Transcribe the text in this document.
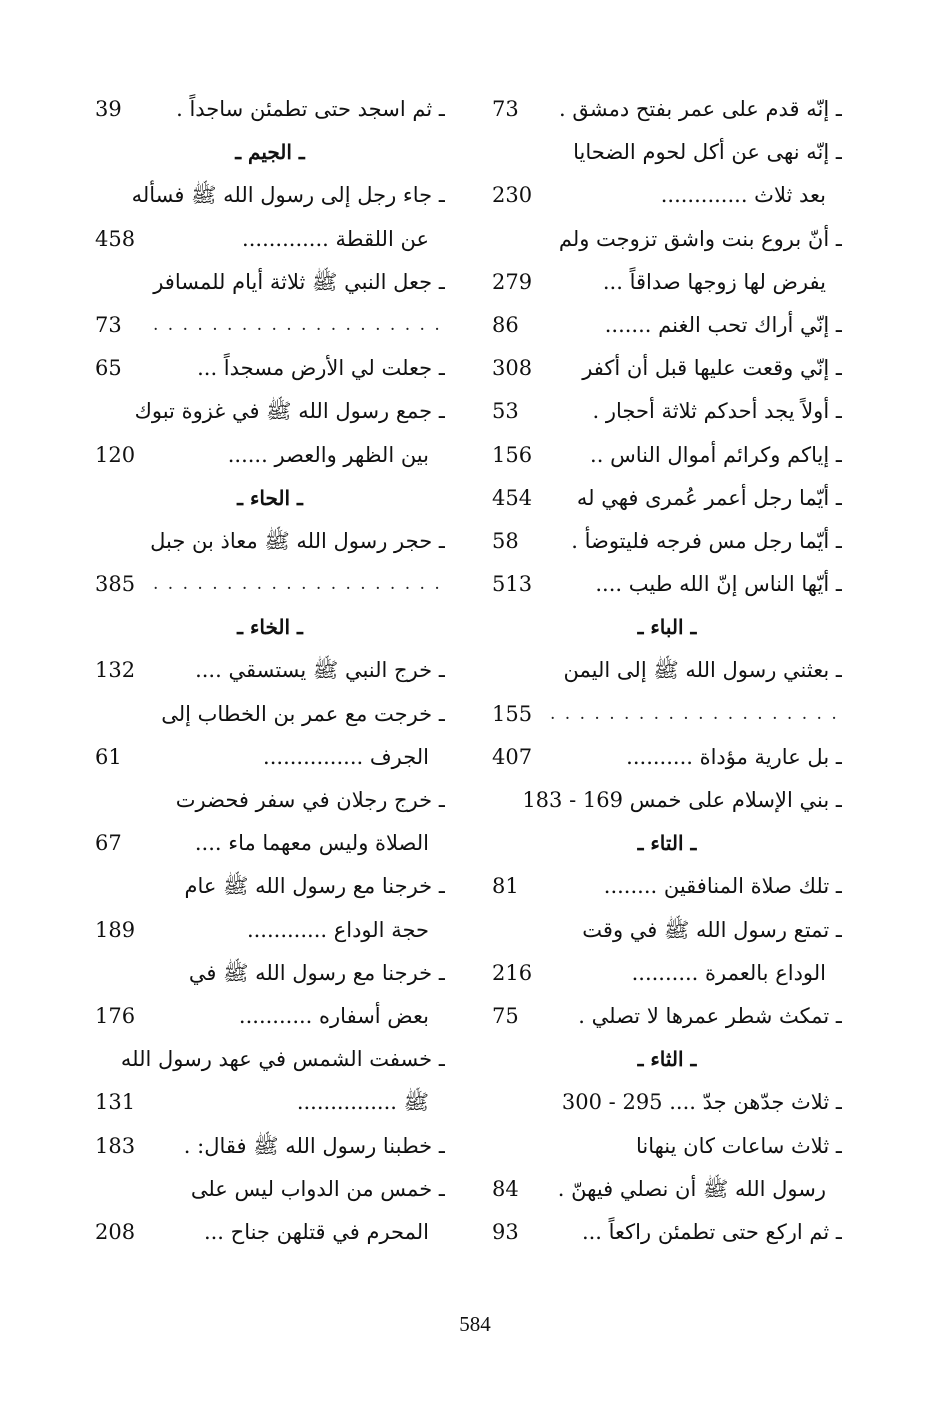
ـ إنّه قدم على عمر بفتح دمشق .
73
ـ إنّه نهى عن أكل لحوم الضحايا
بعد ثلاث .............
230
ـ أنّ بروع بنت واشق تزوجت ولم
يفرض لها زوجها صداقاً ...
279
ـ إنّي أراك تحب الغنم .......
86
ـ إنّي وقعت عليها قبل أن أكفر
308
ـ أولاً يجد أحدكم ثلاثة أحجار .
53
ـ إياكم وكرائم أموال الناس ..
156
ـ أيّما رجل أعمر عُمرى فهي له
454
ـ أيّما رجل مس فرجه فليتوضأ .
58
ـ أيّها الناس إنّ الله طيب ....
513
ـ الباء ـ
ـ بعثني رسول الله ﷺ إلى اليمن
. . . . . . . . . . . . . . . . . . . .
155
ـ بل عارية مؤداة ..........
407
ـ بني الإسلام على خمس 169 - 183
ـ التاء ـ
ـ تلك صلاة المنافقين ........
81
ـ تمتع رسول الله ﷺ في وقت
الوداع بالعمرة ..........
216
ـ تمكث شطر عمرها لا تصلي .
75
ـ الثاء ـ
ـ ثلاث جدّهن جدّ .... 295 - 300
ـ ثلاث ساعات كان ينهانا
رسول الله ﷺ أن نصلي فيهنّ .
84
ـ ثم اركع حتى تطمئن راكعاً ...
93
ـ ثم اسجد حتى تطمئن ساجداً .
39
ـ الجيم ـ
ـ جاء رجل إلى رسول الله ﷺ فسأله
عن اللقطة .............
458
ـ جعل النبي ﷺ ثلاثة أيام للمسافر
. . . . . . . . . . . . . . . . . . . .
73
ـ جعلت لي الأرض مسجداً ...
65
ـ جمع رسول الله ﷺ في غزوة تبوك
بين الظهر والعصر ......
120
ـ الحاء ـ
ـ حجر رسول الله ﷺ معاذ بن جبل
. . . . . . . . . . . . . . . . . . . .
385
ـ الخاء ـ
ـ خرج النبي ﷺ يستسقي ....
132
ـ خرجت مع عمر بن الخطاب إلى
الجرف ...............
61
ـ خرج رجلان في سفر فحضرت
الصلاة وليس معهما ماء ....
67
ـ خرجنا مع رسول الله ﷺ عام
حجة الوداع ............
189
ـ خرجنا مع رسول الله ﷺ في
بعض أسفاره ...........
176
ـ خسفت الشمس في عهد رسول الله
ﷺ ...............
131
ـ خطبنا رسول الله ﷺ فقال: .
183
ـ خمس من الدواب ليس على
المحرم في قتلهن جناح ...
208
584
